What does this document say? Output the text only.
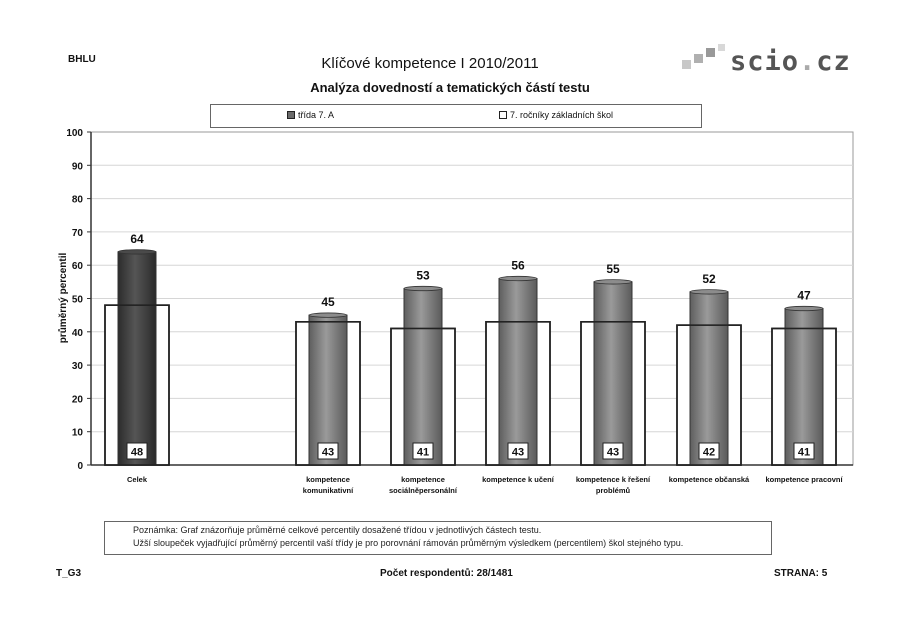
BHLU	Klíčové kompetence I 2010/2011
Analýza dovedností a tematických částí testu
scio.cz
třída 7. A	7. ročníky základních škol
0
10
20
30
40
50
60
70
80
90
100
64
48
Celek
45
43
kompetence
komunikativní
53
41
kompetence
sociálněpersonální
56
43
kompetence k učení
55
43
kompetence k řešení
problémů
52
42
kompetence občanská
47
41
kompetence pracovní
průměrný percentil
Poznámka: Graf znázorňuje průměrné celkové percentily dosažené třídou v jednotlivých částech testu.
Užší sloupeček vyjadřující průměrný percentil vaší třídy je pro porovnání rámován průměrným výsledkem (percentilem) škol stejného typu.
T_G3	Počet respondentů: 28/1481	STRANA: 5
